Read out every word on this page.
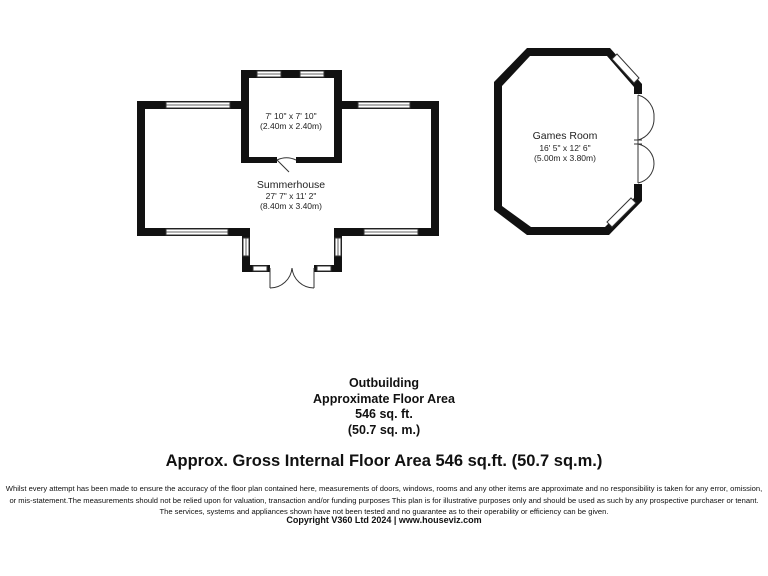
7' 10" x 7' 10"
(2.40m x 2.40m)
Summerhouse
27' 7" x 11' 2"
(8.40m x 3.40m)
Games Room
16' 5" x 12' 6"
(5.00m x 3.80m)
Outbuilding
Approximate Floor Area
546 sq. ft.
(50.7 sq. m.)
Approx. Gross Internal Floor Area 546 sq.ft. (50.7 sq.m.)
Whilst every attempt has been made to ensure the accuracy of the floor plan contained here, measurements of doors, windows, rooms and any other items are approximate and no responsibility is taken for any error, omission,
or mis-statement.The measurements should not be relied upon for valuation, transaction and/or funding purposes This plan is for illustrative purposes only and should be used as such by any prospective purchaser or tenant.
The services, systems and appliances shown have not been tested and no guarantee as to their operability or efficiency can be given.
Copyright V360 Ltd 2024 | www.houseviz.com
